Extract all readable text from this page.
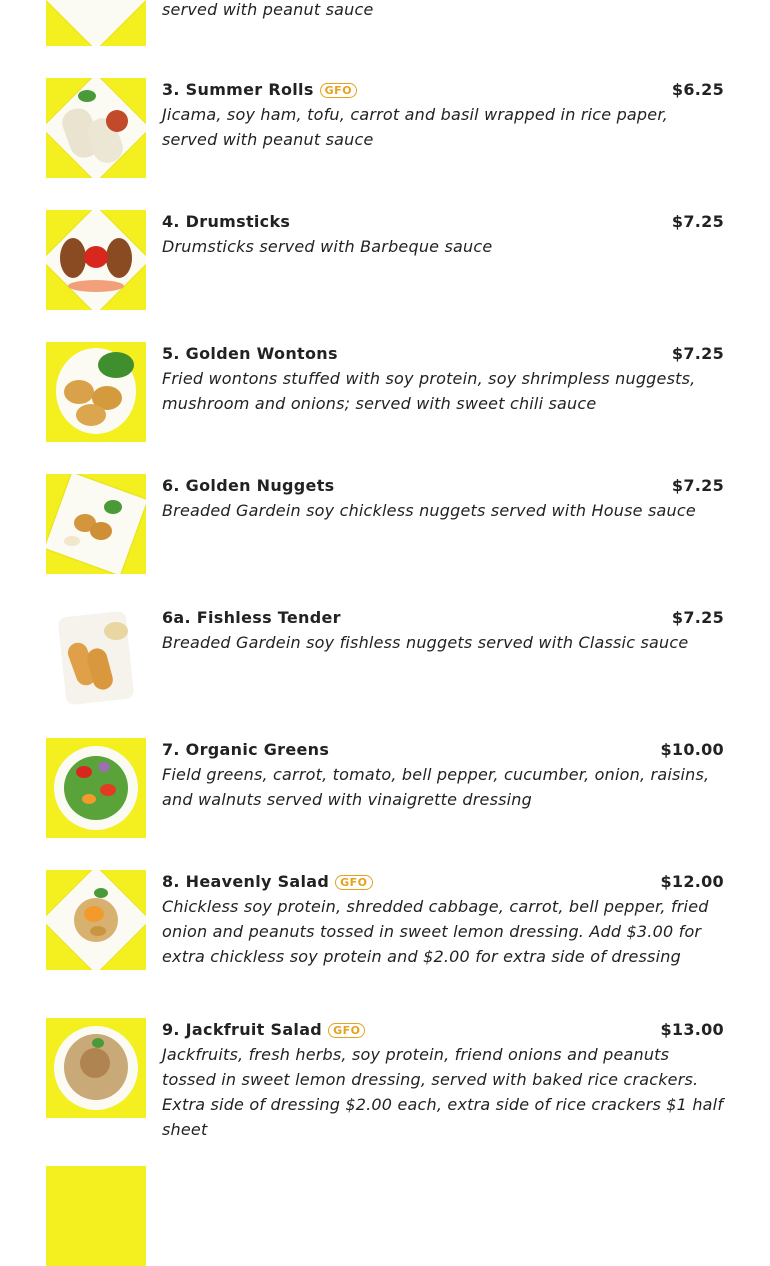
served with peanut sauce
3. Summer Rolls GFO	$6.25
Jicama, soy ham, tofu, carrot and basil wrapped in rice paper, served with peanut sauce
4. Drumsticks	$7.25
Drumsticks served with Barbeque sauce
5. Golden Wontons	$7.25
Fried wontons stuffed with soy protein, soy shrimpless nuggests, mushroom and onions; served with sweet chili sauce
6. Golden Nuggets	$7.25
Breaded Gardein soy chickless nuggets served with House sauce
6a. Fishless Tender	$7.25
Breaded Gardein soy fishless nuggets served with Classic sauce
7. Organic Greens	$10.00
Field greens, carrot, tomato, bell pepper, cucumber, onion, raisins, and walnuts served with vinaigrette dressing
8. Heavenly Salad GFO	$12.00
Chickless soy protein, shredded cabbage, carrot, bell pepper, fried onion and peanuts tossed in sweet lemon dressing. Add $3.00 for extra chickless soy protein and $2.00 for extra side of dressing
9. Jackfruit Salad GFO	$13.00
Jackfruits, fresh herbs, soy protein, friend onions and peanuts tossed in sweet lemon dressing, served with baked rice crackers. Extra side of dressing $2.00 each, extra side of rice crackers $1 half sheet
